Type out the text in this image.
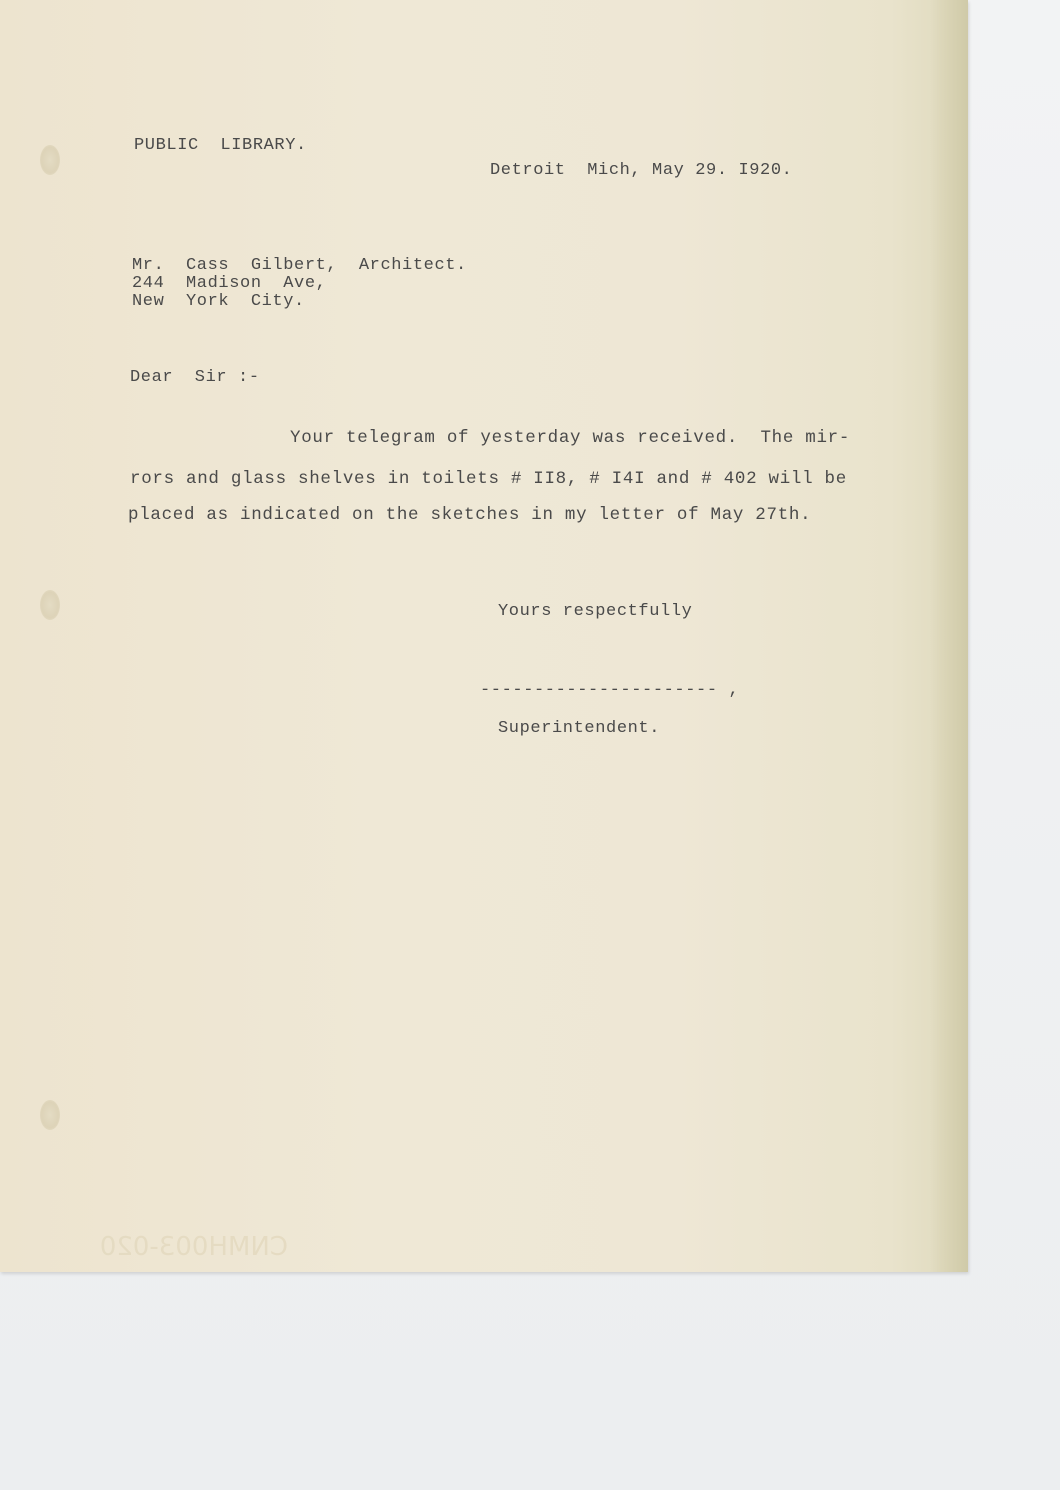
PUBLIC  LIBRARY.
Detroit  Mich, May 29. I920.
Mr.  Cass  Gilbert,  Architect.
244  Madison  Ave,
New  York  City.
Dear  Sir :-
Your telegram of yesterday was received.  The mir-
rors and glass shelves in toilets # II8, # I4I and # 402 will be
placed as indicated on the sketches in my letter of May 27th.
Yours respectfully
---------------------- ,
Superintendent.
CNMH003-020
